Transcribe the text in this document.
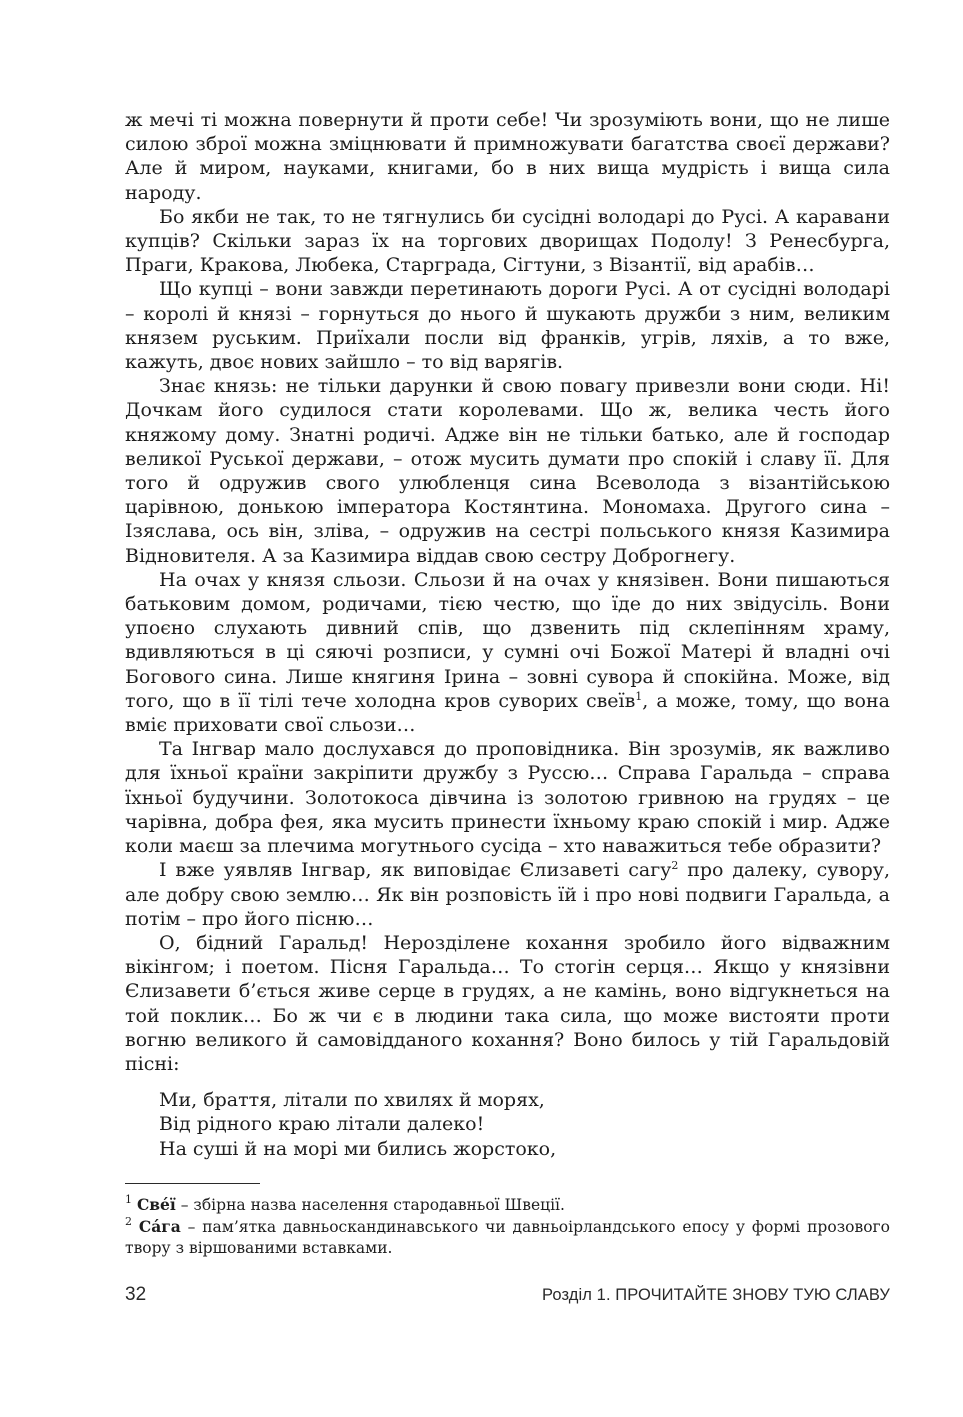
ж мечі ті можна повернути й проти себе! Чи зрозуміють вони, що не лише силою зброї можна зміцнювати й примножувати багатства своєї держави? Але й миром, науками, книгами, бо в них вища мудрість і вища сила народу.

Бо якби не так, то не тягнулись би сусідні володарі до Русі. А каравани купців? Скільки зараз їх на торгових дворищах Подолу! З Ренесбурга, Праги, Кракова, Любека, Старграда, Сігтуни, з Візантії, від арабів…

Що купці – вони завжди перетинають дороги Русі. А от сусідні володарі – королі й князі – горнуться до нього й шукають дружби з ним, великим князем руським. Приїхали посли від франків, угрів, ляхів, а то вже, кажуть, двоє нових зайшло – то від варягів.

Знає князь: не тільки дарунки й свою повагу привезли вони сюди. Ні! Дочкам його судилося стати королевами. Що ж, велика честь його княжому дому. Знатні родичі. Адже він не тільки батько, але й господар великої Руської держави, – отож мусить думати про спокій і славу її. Для того й одружив свого улюбленця сина Всеволода з візантійською царівною, донькою імператора Костянтина. Мономаха. Другого сина – Ізяслава, ось він, зліва, – одружив на сестрі польського князя Казимира Відновителя. А за Казимира віддав свою сестру Доброгнегу.

На очах у князя сльози. Сльози й на очах у князівен. Вони пишаються батьковим домом, родичами, тією честю, що їде до них звідусіль. Вони упоєно слухають дивний спів, що дзвенить під склепінням храму, вдивляються в ці сяючі розписи, у сумні очі Божої Матері й владні очі Богового сина. Лише княгиня Ірина – зовні сувора й спокійна. Може, від того, що в її тілі тече холодна кров суворих свеїв$^1$, а може, тому, що вона вміє приховати свої сльози…

Та Інгвар мало дослухався до проповідника. Він зрозумів, як важливо для їхньої країни закріпити дружбу з Руссю… Справа Гаральда – справа їхньої будучини. Золотокоса дівчина із золотою гривною на грудях – це чарівна, добра фея, яка мусить принести їхньому краю спокій і мир. Адже коли маєш за плечима могутнього сусіда – хто наважиться тебе образити?

І вже уявляв Інгвар, як виповідає Єлизаветі сагу$^2$ про далеку, сувору, але добру свою землю… Як він розповість їй і про нові подвиги Гаральда, а потім – про його пісню…

О, бідний Гаральд! Нерозділене кохання зробило його відважним вікінгом; і поетом. Пісня Гаральда… То стогін серця… Якщо у князівни Єлизавети б’ється живе серце в грудях, а не камінь, воно відгукнеться на той поклик… Бо ж чи є в людини така сила, що може вистояти проти вогню великого й самовідданого кохання? Воно билось у тій Гаральдовій пісні:

Ми, браття, літали по хвилях й морях,
Від рідного краю літали далеко!
На суші й на морі ми бились жорстоко,

$^1$ Свéї – збірна назва населення стародавньої Швеції.

$^2$ Сáга – пам’ятка давньоскандинавського чи давньоірландського епосу у формі прозового твору з віршованими вставками.

32	Розділ 1. ПРОЧИТАЙТЕ ЗНОВУ ТУЮ СЛАВУ
